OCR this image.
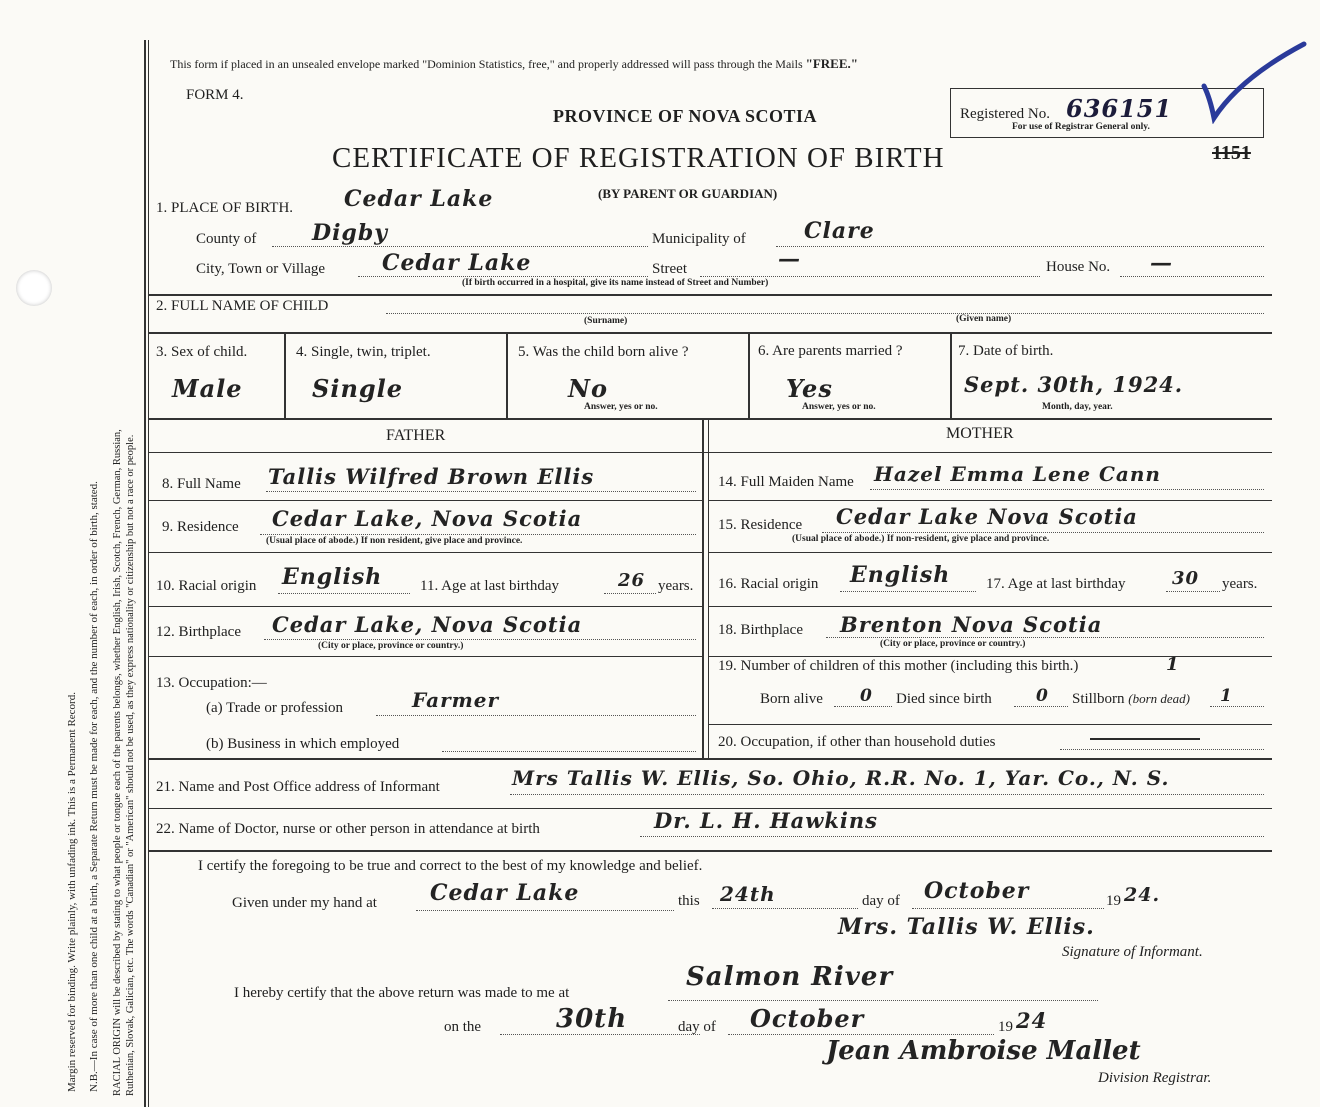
Margin reserved for binding. Write plainly, with unfading ink. This is a Permanent Record. N.B.—In case of more than one child at a birth, a Separate Return must be made for each, and the number of each, in order of birth, stated. RACIAL ORIGIN will be described by stating to what people or tongue each of the parents belongs, whether English, Irish, Scotch, French, German, Russian, Ruthenian, Slovak, Galician, etc. The words "Canadian" or "American" should not be used, as they express nationality or citizenship but not a race or people.
This form if placed in an unsealed envelope marked "Dominion Statistics, free," and properly addressed will pass through the Mails "FREE."
FORM 4.
PROVINCE OF NOVA SCOTIA	Registered No. 636151
For use of Registrar General only.
CERTIFICATE OF REGISTRATION OF BIRTH	1151
(BY PARENT OR GUARDIAN)
1. PLACE OF BIRTH. Cedar Lake
County of	Digby	Municipality of	Clare
City, Town or Village	Cedar Lake	Street	—	House No. —
(If birth occurred in a hospital, give its name instead of Street and Number)
2. FULL NAME OF CHILD
(Surname)	(Given name)
3. Sex of child.
Male
4. Single, twin, triplet.
Single
5. Was the child born alive ?
No
Answer, yes or no.
6. Are parents married ?
Yes
Answer, yes or no.
7. Date of birth.
Sept. 30th, 1924.
Month, day, year.
FATHER	MOTHER
8. Full Name Tallis Wilfred Brown Ellis
9. Residence Cedar Lake, Nova Scotia
(Usual place of abode.) If non resident, give place and province.
10. Racial origin English	11. Age at last birthday	26 years.
12. Birthplace Cedar Lake, Nova Scotia
(City or place, province or country.)
13. Occupation:—
(a) Trade or profession	Farmer
(b) Business in which employed
14. Full Maiden Name Hazel Emma Lene Cann
15. Residence Cedar Lake Nova Scotia
(Usual place of abode.) If non-resident, give place and province.
16. Racial origin English 17. Age at last birthday	30 years.
18. Birthplace Brenton Nova Scotia
(City or place, province or country.)
19. Number of children of this mother (including this birth.)	1
Born alive 0 Died since birth	0 Stillborn (born dead) 1
20. Occupation, if other than household duties
21. Name and Post Office address of Informant	Mrs Tallis W. Ellis, So. Ohio, R.R. No. 1, Yar. Co., N. S.
22. Name of Doctor, nurse or other person in attendance at birth	Dr. L. H. Hawkins
I certify the foregoing to be true and correct to the best of my knowledge and belief.
Given under my hand at Cedar Lake	this 24th	day of October	19 24.
Mrs. Tallis W. Ellis.
Signature of Informant.
I hereby certify that the above return was made to me at
Salmon River
on the	30th	day of October	19 24
Jean Ambroise Mallet
Division Registrar.
